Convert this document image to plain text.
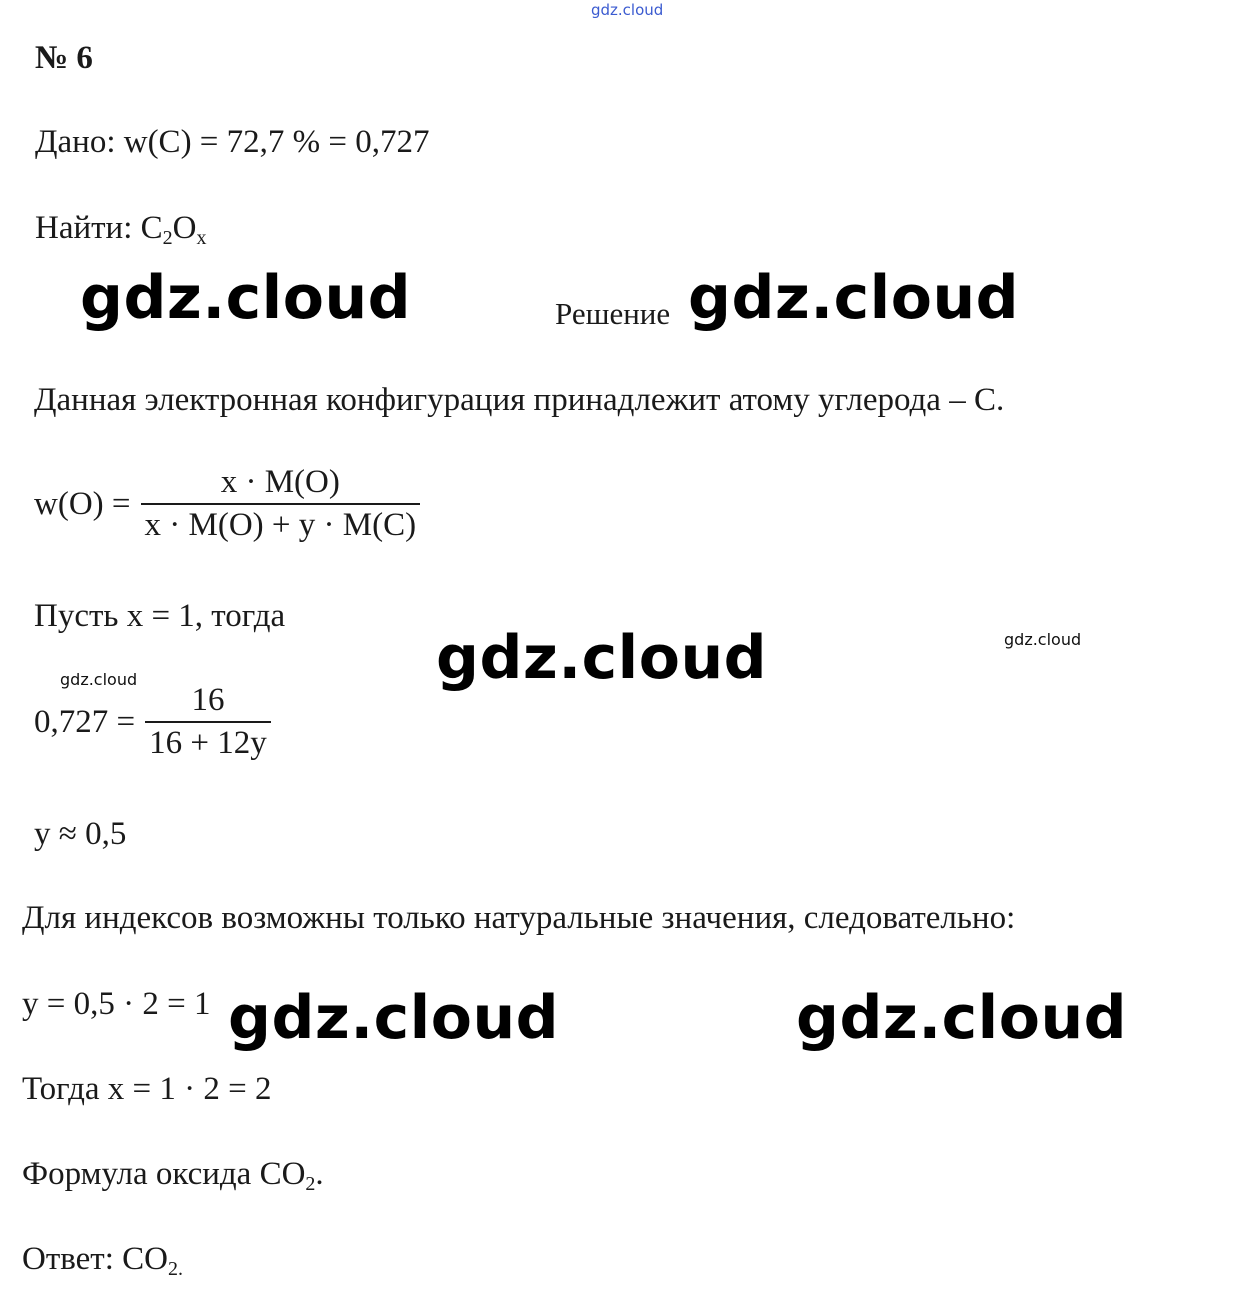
gdz.cloud
gdz.cloud	gdz.cloud
gdz.cloud	gdz.cloud
gdz.cloud
gdz.cloud	gdz.cloud
№ 6
Дано: w(C) = 72,7 % = 0,727
Найти: $C_2O_x$
Решение
Данная электронная конфигурация принадлежит атому углерода – С.
$w(O) = \frac{x \cdot M(O)}{x \cdot M(O) + y \cdot M(C)}$
Пусть x = 1, тогда
$0,727 = \frac{16}{16 + 12y}$
y ≈ 0,5
Для индексов возможны только натуральные значения, следовательно:
y = 0,5 · 2 = 1
Тогда x = 1 · 2 = 2
Формула оксида $CO_2$.
Ответ: $CO_{2.}$
